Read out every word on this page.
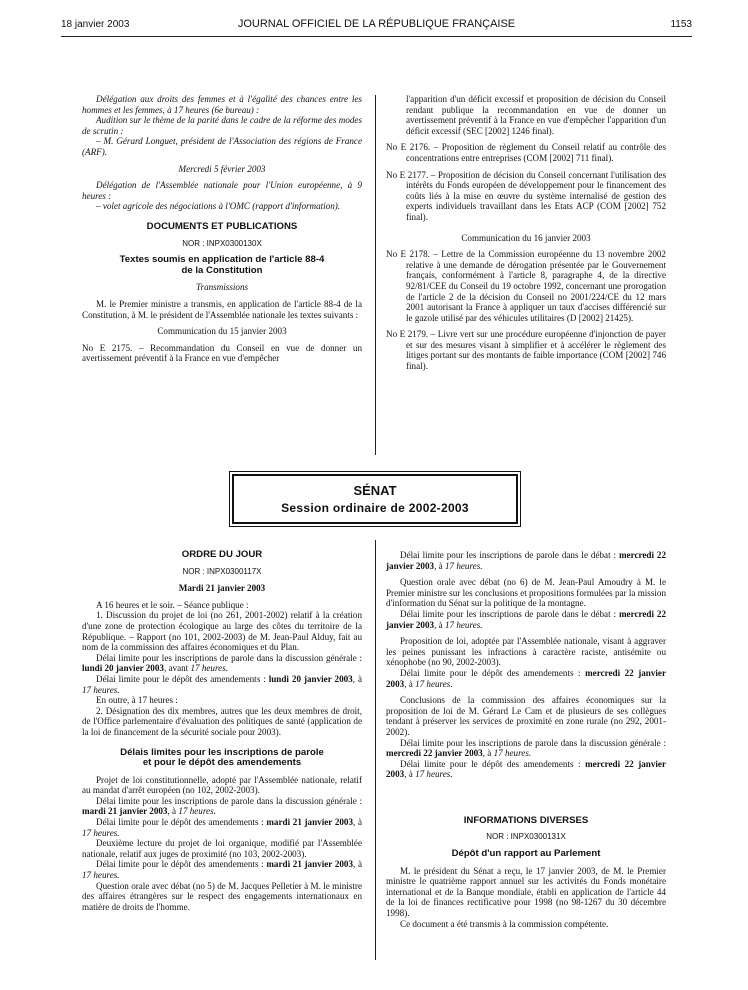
18 janvier 2003	JOURNAL OFFICIEL DE LA RÉPUBLIQUE FRANÇAISE	1153

Délégation aux droits des femmes et à l'égalité des chances entre les hommes et les femmes, à 17 heures (6e bureau) :

Audition sur le thème de la parité dans le cadre de la réforme des modes de scrutin :

– M. Gérard Longuet, président de l'Association des régions de France (ARF).

Mercredi 5 février 2003

Délégation de l'Assemblée nationale pour l'Union européenne, à 9 heures :

– volet agricole des négociations à l'OMC (rapport d'information).

DOCUMENTS ET PUBLICATIONS

NOR : INPX0300130X

Textes soumis en application de l'article 88-4

de la Constitution

Transmissions

M. le Premier ministre a transmis, en application de l'article 88-4 de la Constitution, à M. le président de l'Assemblée nationale les textes suivants :

Communication du 15 janvier 2003

No E 2175. – Recommandation du Conseil en vue de donner un avertissement préventif à la France en vue d'empêcher

l'apparition d'un déficit excessif et proposition de décision du Conseil rendant publique la recommandation en vue de donner un avertissement préventif à la France en vue d'empêcher l'apparition d'un déficit excessif (SEC [2002] 1246 final).

No E 2176. – Proposition de règlement du Conseil relatif au contrôle des concentrations entre entreprises (COM [2002] 711 final).

No E 2177. – Proposition de décision du Conseil concernant l'utilisation des intérêts du Fonds européen de développement pour le financement des coûts liés à la mise en œuvre du système internalisé de gestion des experts individuels travaillant dans les Etats ACP (COM [2002] 752 final).

Communication du 16 janvier 2003

No E 2178. – Lettre de la Commission européenne du 13 novembre 2002 relative à une demande de dérogation présentée par le Gouvernement français, conformément à l'article 8, paragraphe 4, de la directive 92/81/CEE du Conseil du 19 octobre 1992, concernant une prorogation de l'article 2 de la décision du Conseil no 2001/224/CE du 12 mars 2001 autorisant la France à appliquer un taux d'accises différencié sur le gazole utilisé par des véhicules utilitaires (D [2002] 21425).

No E 2179. – Livre vert sur une procédure européenne d'injonction de payer et sur des mesures visant à simplifier et à accélérer le règlement des litiges portant sur des montants de faible importance (COM [2002] 746 final).

SÉNAT
Session ordinaire de 2002-2003

ORDRE DU JOUR

NOR : INPX0300117X

Mardi 21 janvier 2003

A 16 heures et le soir. – Séance publique :

1. Discussion du projet de loi (no 261, 2001-2002) relatif à la création d'une zone de protection écologique au large des côtes du territoire de la République. – Rapport (no 101, 2002-2003) de M. Jean-Paul Alduy, fait au nom de la commission des affaires économiques et du Plan.

Délai limite pour les inscriptions de parole dans la discussion générale : lundi 20 janvier 2003, avant 17 heures.

Délai limite pour le dépôt des amendements : lundi 20 janvier 2003, à 17 heures.

En outre, à 17 heures :

2. Désignation des dix membres, autres que les deux membres de droit, de l'Office parlementaire d'évaluation des politiques de santé (application de la loi de financement de la sécurité sociale pour 2003).

Délais limites pour les inscriptions de parole

et pour le dépôt des amendements

Projet de loi constitutionnelle, adopté par l'Assemblée nationale, relatif au mandat d'arrêt européen (no 102, 2002-2003).

Délai limite pour les inscriptions de parole dans la discussion générale : mardi 21 janvier 2003, à 17 heures.

Délai limite pour le dépôt des amendements : mardi 21 janvier 2003, à 17 heures.

Deuxième lecture du projet de loi organique, modifié par l'Assemblée nationale, relatif aux juges de proximité (no 103, 2002-2003).

Délai limite pour le dépôt des amendements : mardi 21 janvier 2003, à 17 heures.

Question orale avec débat (no 5) de M. Jacques Pelletier à M. le ministre des affaires étrangères sur le respect des engagements internationaux en matière de droits de l'homme.

Délai limite pour les inscriptions de parole dans le débat : mercredi 22 janvier 2003, à 17 heures.

Question orale avec débat (no 6) de M. Jean-Paul Amoudry à M. le Premier ministre sur les conclusions et propositions formulées par la mission d'information du Sénat sur la politique de la montagne.

Délai limite pour les inscriptions de parole dans le débat : mercredi 22 janvier 2003, à 17 heures.

Proposition de loi, adoptée par l'Assemblée nationale, visant à aggraver les peines punissant les infractions à caractère raciste, antisémite ou xénophobe (no 90, 2002-2003).

Délai limite pour le dépôt des amendements : mercredi 22 janvier 2003, à 17 heures.

Conclusions de la commission des affaires économiques sur la proposition de loi de M. Gérard Le Cam et de plusieurs de ses collègues tendant à préserver les services de proximité en zone rurale (no 292, 2001-2002).

Délai limite pour les inscriptions de parole dans la discussion générale : mercredi 22 janvier 2003, à 17 heures.

Délai limite pour le dépôt des amendements : mercredi 22 janvier 2003, à 17 heures.

INFORMATIONS DIVERSES

NOR : INPX0300131X

Dépôt d'un rapport au Parlement

M. le président du Sénat a reçu, le 17 janvier 2003, de M. le Premier ministre le quatrième rapport annuel sur les activités du Fonds monétaire international et de la Banque mondiale, établi en application de l'article 44 de la loi de finances rectificative pour 1998 (no 98-1267 du 30 décembre 1998).

Ce document a été transmis à la commission compétente.
